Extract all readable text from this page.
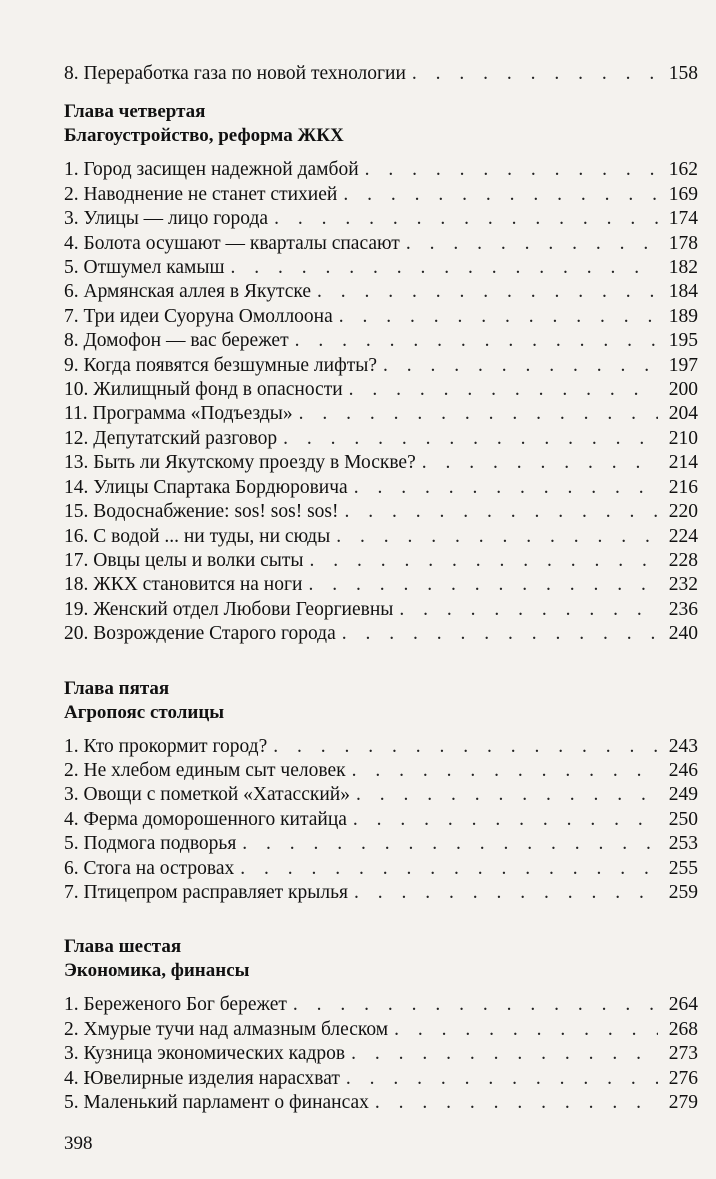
8. Переработка газа по новой технологии . . .	158
Глава четвертая
Благоустройство, реформа ЖКХ
1. Город засищен надежной дамбой . . .	162
2. Наводнение не станет стихией . . .	169
3. Улицы — лицо города . . .	174
4. Болота осушают — кварталы спасают . . .	178
5. Отшумел камыш . . .	182
6. Армянская аллея в Якутске . . .	184
7. Три идеи Суоруна Омоллоона . . .	189
8. Домофон — вас бережет . . .	195
9. Когда появятся безшумные лифты? . . .	197
10. Жилищный фонд в опасности . . .	200
11. Программа «Подъезды» . . .	204
12. Депутатский разговор . . .	210
13. Быть ли Якутскому проезду в Москве? . . .	214
14. Улицы Спартака Бордюровича . . .	216
15. Водоснабжение: sos! sos! sos! . . .	220
16. С водой ... ни туды, ни сюды . . .	224
17. Овцы целы и волки сыты . . .	228
18. ЖКХ становится на ноги . . .	232
19. Женский отдел Любови Георгиевны . . .	236
20. Возрождение Старого города . . .	240
Глава пятая
Агропояс столицы
1. Кто прокормит город? . . .	243
2. Не хлебом единым сыт человек . . .	246
3. Овощи с пометкой «Хатасский» . . .	249
4. Ферма доморошенного китайца . . .	250
5. Подмога подворья . . .	253
6. Стога на островах . . .	255
7. Птицепром расправляет крылья . . .	259
Глава шестая
Экономика, финансы
1. Береженого Бог бережет . . .	264
2. Хмурые тучи над алмазным блеском . . .	268
3. Кузница экономических кадров . . .	273
4. Ювелирные изделия нарасхват . . .	276
5. Маленький парламент о финансах . . .	279
398
